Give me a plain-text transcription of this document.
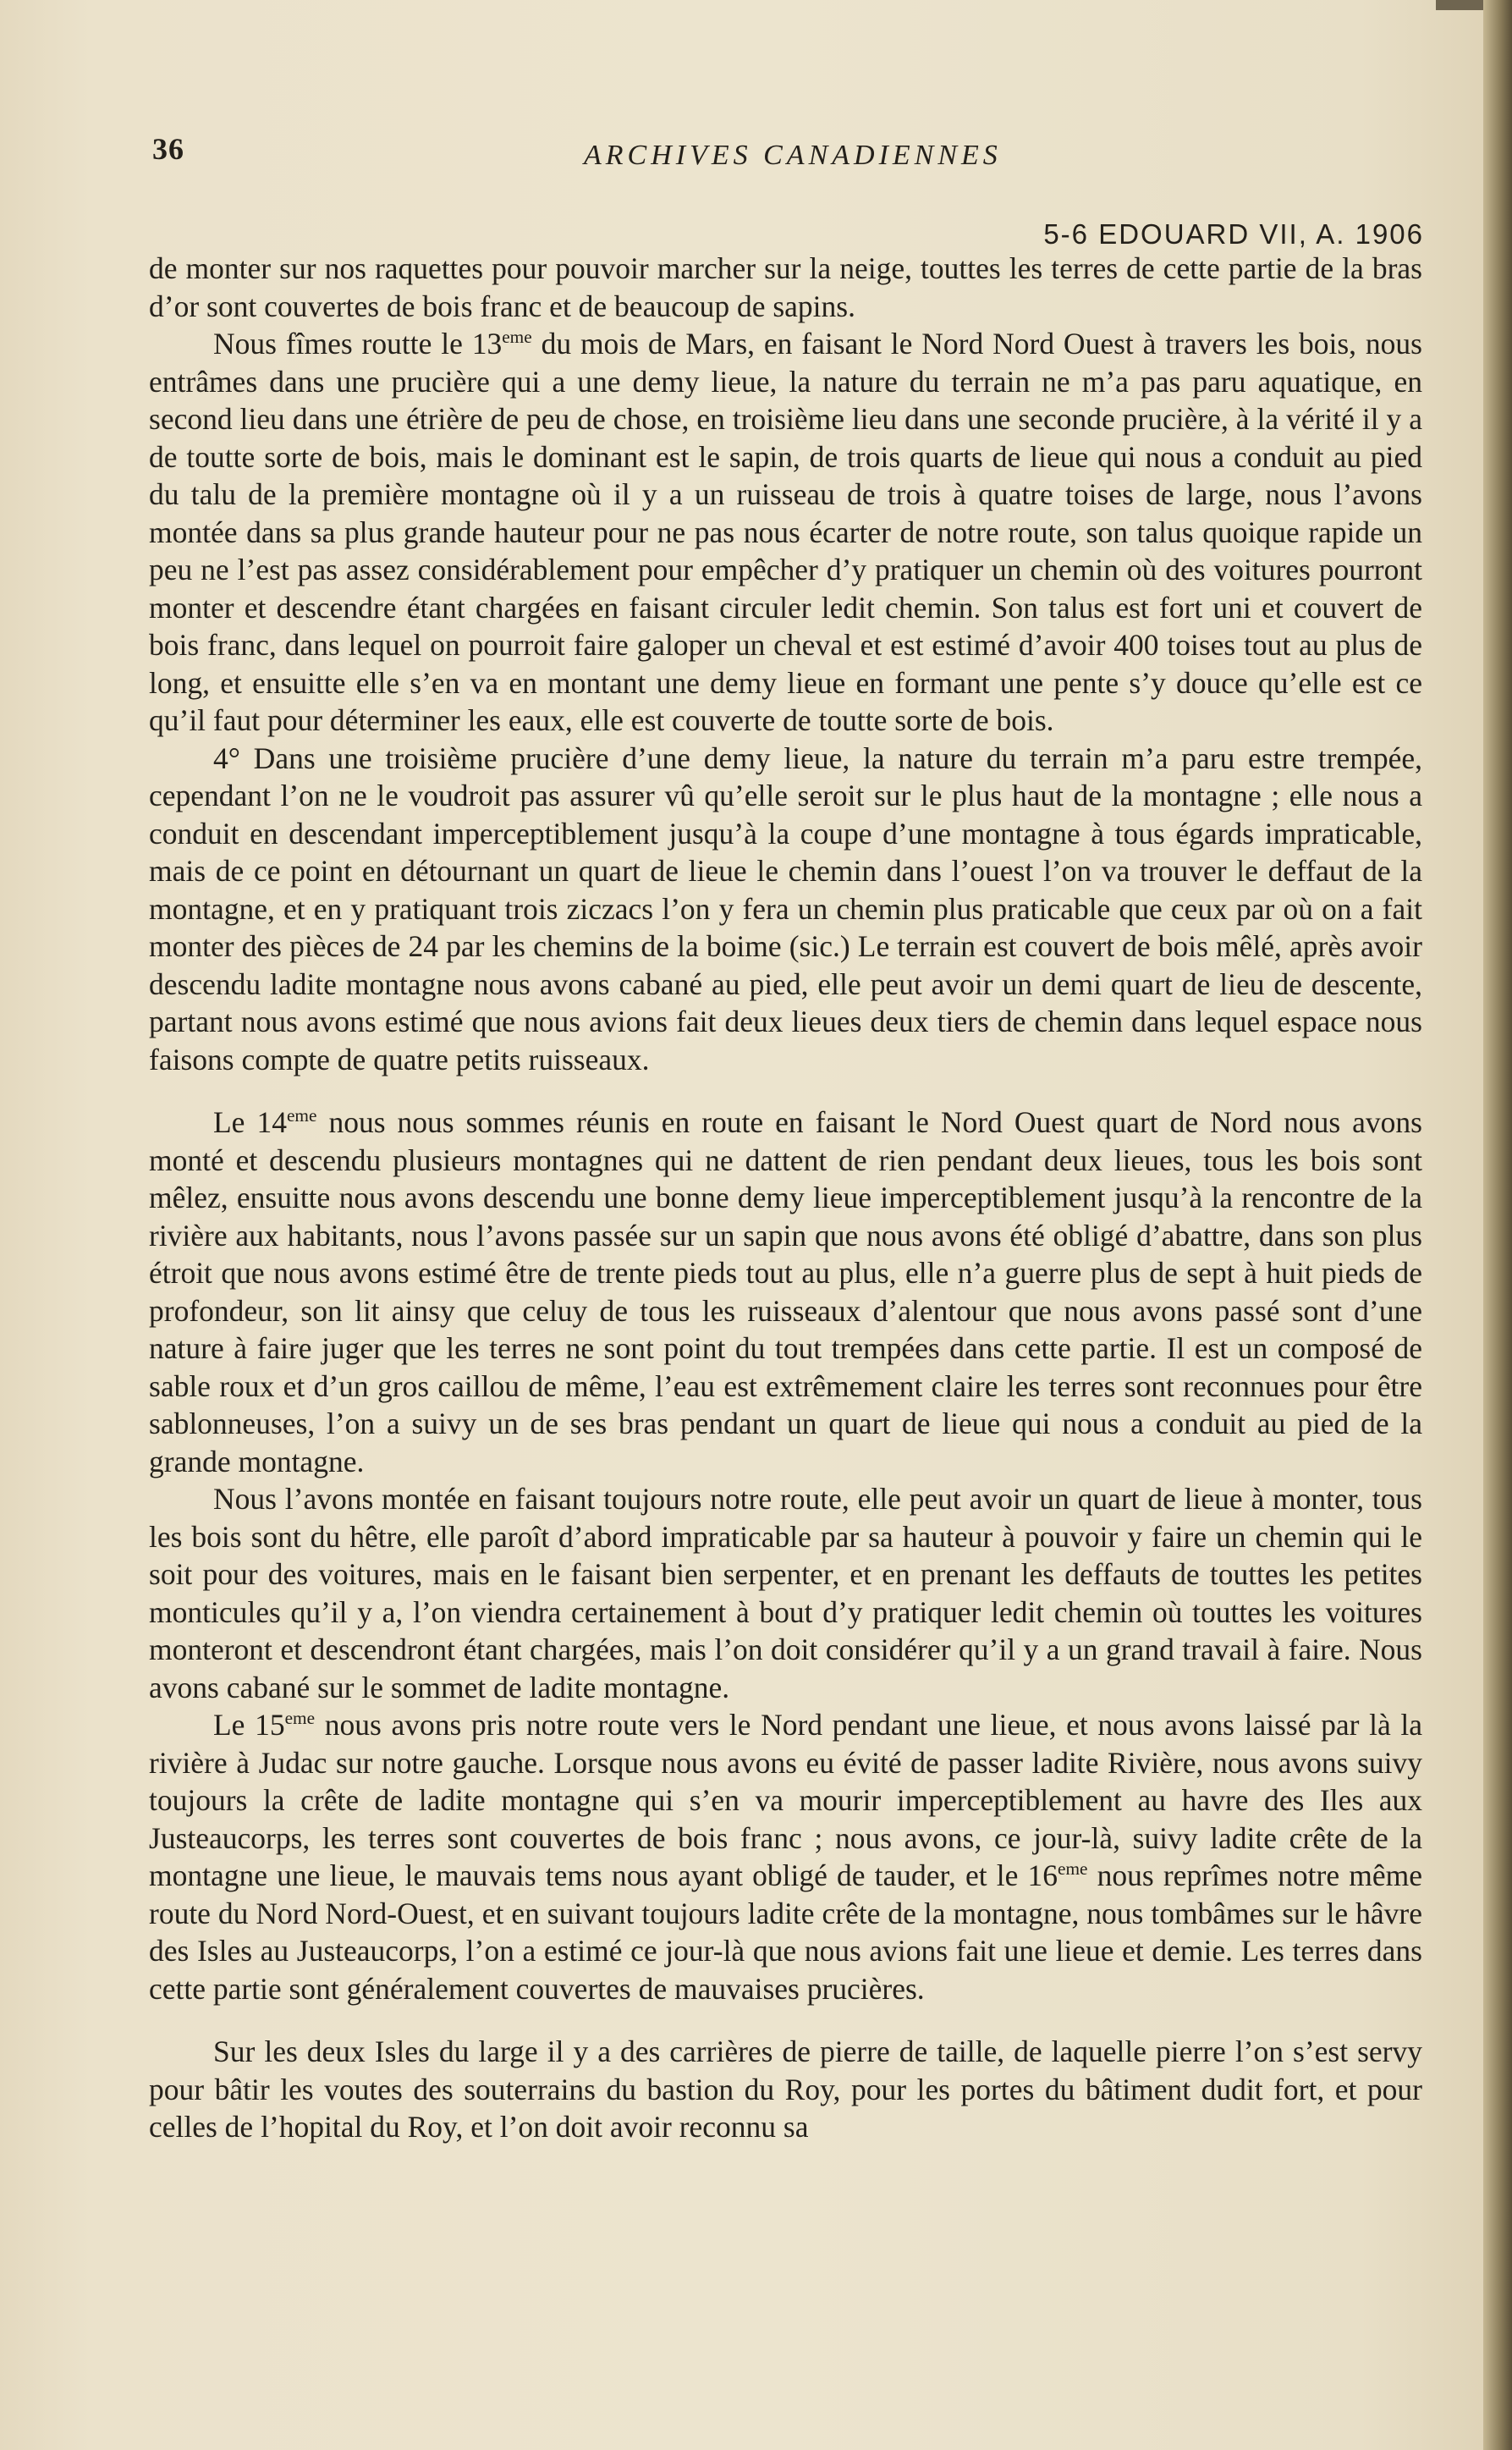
36	ARCHIVES CANADIENNES
5-6 EDOUARD VII, A. 1906

de monter sur nos raquettes pour pouvoir marcher sur la neige, touttes les terres de cette partie de la bras d’or sont couvertes de bois franc et de beaucoup de sapins.

Nous fîmes routte le 13eme du mois de Mars, en faisant le Nord Nord Ouest à travers les bois, nous entrâmes dans une prucière qui a une demy lieue, la nature du terrain ne m’a pas paru aquatique, en second lieu dans une étrière de peu de chose, en troisième lieu dans une seconde prucière, à la vérité il y a de toutte sorte de bois, mais le dominant est le sapin, de trois quarts de lieue qui nous a conduit au pied du talu de la première montagne où il y a un ruisseau de trois à quatre toises de large, nous l’avons montée dans sa plus grande hauteur pour ne pas nous écarter de notre route, son talus quoique rapide un peu ne l’est pas assez considérablement pour empêcher d’y pratiquer un chemin où des voitures pourront monter et descendre étant chargées en faisant circuler ledit chemin. Son talus est fort uni et couvert de bois franc, dans lequel on pourroit faire galoper un cheval et est estimé d’avoir 400 toises tout au plus de long, et ensuitte elle s’en va en montant une demy lieue en formant une pente s’y douce qu’elle est ce qu’il faut pour déterminer les eaux, elle est couverte de toutte sorte de bois.

4° Dans une troisième prucière d’une demy lieue, la nature du terrain m’a paru estre trempée, cependant l’on ne le voudroit pas assurer vû qu’elle seroit sur le plus haut de la montagne ; elle nous a conduit en descendant imperceptiblement jusqu’à la coupe d’une montagne à tous égards impraticable, mais de ce point en détournant un quart de lieue le chemin dans l’ouest l’on va trouver le deffaut de la montagne, et en y pratiquant trois ziczacs l’on y fera un chemin plus praticable que ceux par où on a fait monter des pièces de 24 par les chemins de la boime (sic.) Le terrain est couvert de bois mêlé, après avoir descendu ladite montagne nous avons cabané au pied, elle peut avoir un demi quart de lieu de descente, partant nous avons estimé que nous avions fait deux lieues deux tiers de chemin dans lequel espace nous faisons compte de quatre petits ruisseaux.

Le 14eme nous nous sommes réunis en route en faisant le Nord Ouest quart de Nord nous avons monté et descendu plusieurs montagnes qui ne dattent de rien pendant deux lieues, tous les bois sont mêlez, ensuitte nous avons descendu une bonne demy lieue imperceptiblement jusqu’à la rencontre de la rivière aux habitants, nous l’avons passée sur un sapin que nous avons été obligé d’abattre, dans son plus étroit que nous avons estimé être de trente pieds tout au plus, elle n’a guerre plus de sept à huit pieds de profondeur, son lit ainsy que celuy de tous les ruisseaux d’alentour que nous avons passé sont d’une nature à faire juger que les terres ne sont point du tout trempées dans cette partie. Il est un composé de sable roux et d’un gros caillou de même, l’eau est extrêmement claire les terres sont reconnues pour être sablonneuses, l’on a suivy un de ses bras pendant un quart de lieue qui nous a conduit au pied de la grande montagne.

Nous l’avons montée en faisant toujours notre route, elle peut avoir un quart de lieue à monter, tous les bois sont du hêtre, elle paroît d’abord impraticable par sa hauteur à pouvoir y faire un chemin qui le soit pour des voitures, mais en le faisant bien serpenter, et en prenant les deffauts de touttes les petites monticules qu’il y a, l’on viendra certainement à bout d’y pratiquer ledit chemin où touttes les voitures monteront et descendront étant chargées, mais l’on doit considérer qu’il y a un grand travail à faire. Nous avons cabané sur le sommet de ladite montagne.

Le 15eme nous avons pris notre route vers le Nord pendant une lieue, et nous avons laissé par là la rivière à Judac sur notre gauche. Lorsque nous avons eu évité de passer ladite Rivière, nous avons suivy toujours la crête de ladite montagne qui s’en va mourir imperceptiblement au havre des Iles aux Justeaucorps, les terres sont couvertes de bois franc ; nous avons, ce jour-là, suivy ladite crête de la montagne une lieue, le mauvais tems nous ayant obligé de tauder, et le 16eme nous reprîmes notre même route du Nord Nord-Ouest, et en suivant toujours ladite crête de la montagne, nous tombâmes sur le hâvre des Isles au Justeaucorps, l’on a estimé ce jour-là que nous avions fait une lieue et demie. Les terres dans cette partie sont généralement couvertes de mauvaises prucières.

Sur les deux Isles du large il y a des carrières de pierre de taille, de laquelle pierre l’on s’est servy pour bâtir les voutes des souterrains du bastion du Roy, pour les portes du bâtiment dudit fort, et pour celles de l’hopital du Roy, et l’on doit avoir reconnu sa
